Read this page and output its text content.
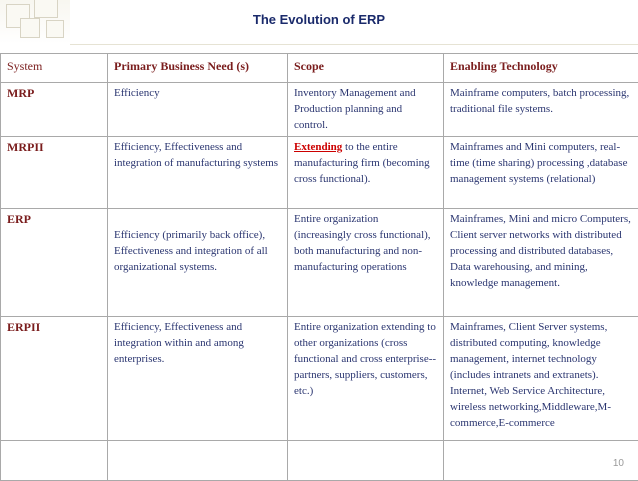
The Evolution of ERP
System	Primary Business Need (s)	Scope	Enabling Technology
MRP	Efficiency	Inventory Management and Production planning and control.	Mainframe computers, batch processing, traditional file systems.
MRPII	Efficiency, Effectiveness and integration of manufacturing systems	Extending to the entire manufacturing firm (becoming cross functional).	Mainframes and Mini computers, real-time (time sharing) processing ,database management systems (relational)
ERP	Efficiency (primarily back office), Effectiveness and integration of all organizational systems.	Entire organization (increasingly cross functional), both manufacturing and non-manufacturing operations	Mainframes, Mini and micro Computers, Client server networks with distributed processing and distributed databases, Data warehousing, and mining, knowledge management.
ERPII	Efficiency, Effectiveness and integration within and among enterprises.	Entire organization extending to other organizations (cross functional and cross enterprise--partners, suppliers, customers, etc.)	Mainframes, Client Server systems, distributed computing, knowledge management, internet technology (includes intranets and extranets). Internet, Web Service Architecture, wireless networking,Middleware,M-commerce,E-commerce

10
